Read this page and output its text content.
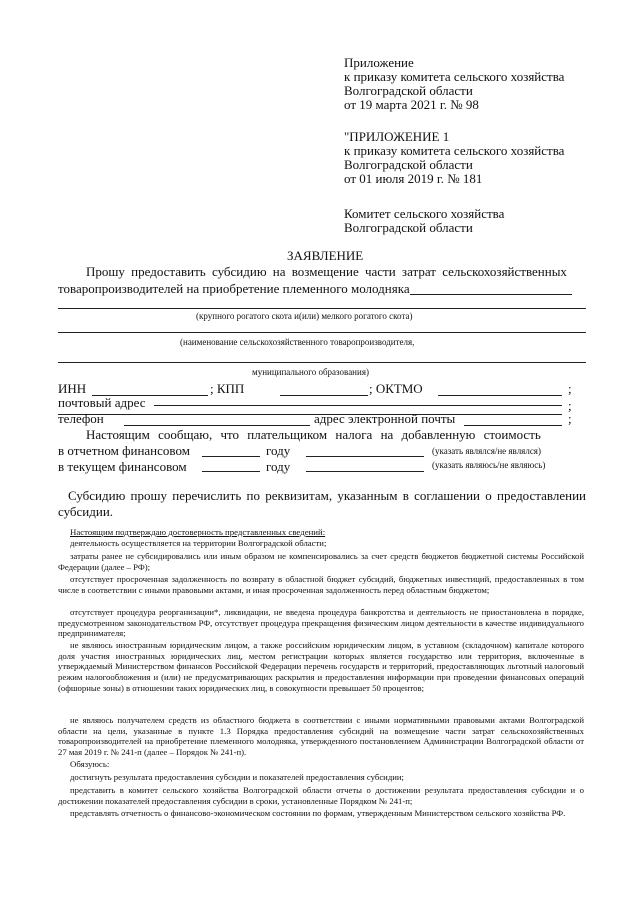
Приложение
к приказу комитета сельского хозяйства
Волгоградской области
от 19 марта 2021 г. № 98
"ПРИЛОЖЕНИЕ 1
к приказу комитета сельского хозяйства
Волгоградской области
от 01 июля 2019 г. № 181
Комитет сельского хозяйства
Волгоградской области
ЗАЯВЛЕНИЕ
Прошу предоставить субсидию на возмещение части затрат сельскохозяйственных
товаропроизводителей на приобретение племенного молодняка
(крупного рогатого скота и(или) мелкого рогатого скота)
(наименование сельскохозяйственного товаропроизводителя,
муниципального образования)
ИНН	; КПП	; ОКТМО	;
почтовый адрес	;
телефон	адрес электронной почты	;
Настоящим сообщаю, что плательщиком налога на добавленную стоимость
в отчетном финансовом	году	(указать являлся/не являлся)
в текущем финансовом	году	(указать являюсь/не являюсь)
Субсидию прошу перечислить по реквизитам, указанным в соглашении о предоставлении субсидии.
Настоящим подтверждаю достоверность представленных сведений:
деятельность осуществляется на территории Волгоградской области;
затраты ранее не субсидировались или иным образом не компенсировались за счет средств бюджетов бюджетной системы Российской Федерации (далее – РФ);
отсутствует просроченная задолженность по возврату в областной бюджет субсидий, бюджетных инвестиций, предоставленных в том числе в соответствии с иными правовыми актами, и иная просроченная задолженность перед областным бюджетом;
отсутствует процедура реорганизации*, ликвидации, не введена процедура банкротства и деятельность не приостановлена в порядке, предусмотренном законодательством РФ, отсутствует процедура прекращения физическим лицом деятельности в качестве индивидуального предпринимателя;
не являюсь иностранным юридическим лицом, а также российским юридическим лицом, в уставном (складочном) капитале которого доля участия иностранных юридических лиц, местом регистрации которых является государство или территория, включенные в утверждаемый Министерством финансов Российской Федерации перечень государств и территорий, предоставляющих льготный налоговый режим налогообложения и (или) не предусматривающих раскрытия и предоставления информации при проведении финансовых операций (офшорные зоны) в отношении таких юридических лиц, в совокупности превышает 50 процентов;
не являюсь получателем средств из областного бюджета в соответствии с иными нормативными правовыми актами Волгоградской области на цели, указанные в пункте 1.3 Порядка предоставления субсидий на возмещение части затрат сельскохозяйственных товаропроизводителей на приобретение племенного молодняка, утвержденного постановлением Администрации Волгоградской области от 27 мая 2019 г. № 241-п (далее – Порядок № 241-п).
Обязуюсь:
достигнуть результата предоставления субсидии и показателей предоставления субсидии;
представить в комитет сельского хозяйства Волгоградской области отчеты о достижении результата предоставления субсидии и о достижении показателей предоставления субсидии в сроки, установленные Порядком № 241-п;
представлять отчетность о финансово-экономическом состоянии по формам, утвержденным Министерством сельского хозяйства РФ.
